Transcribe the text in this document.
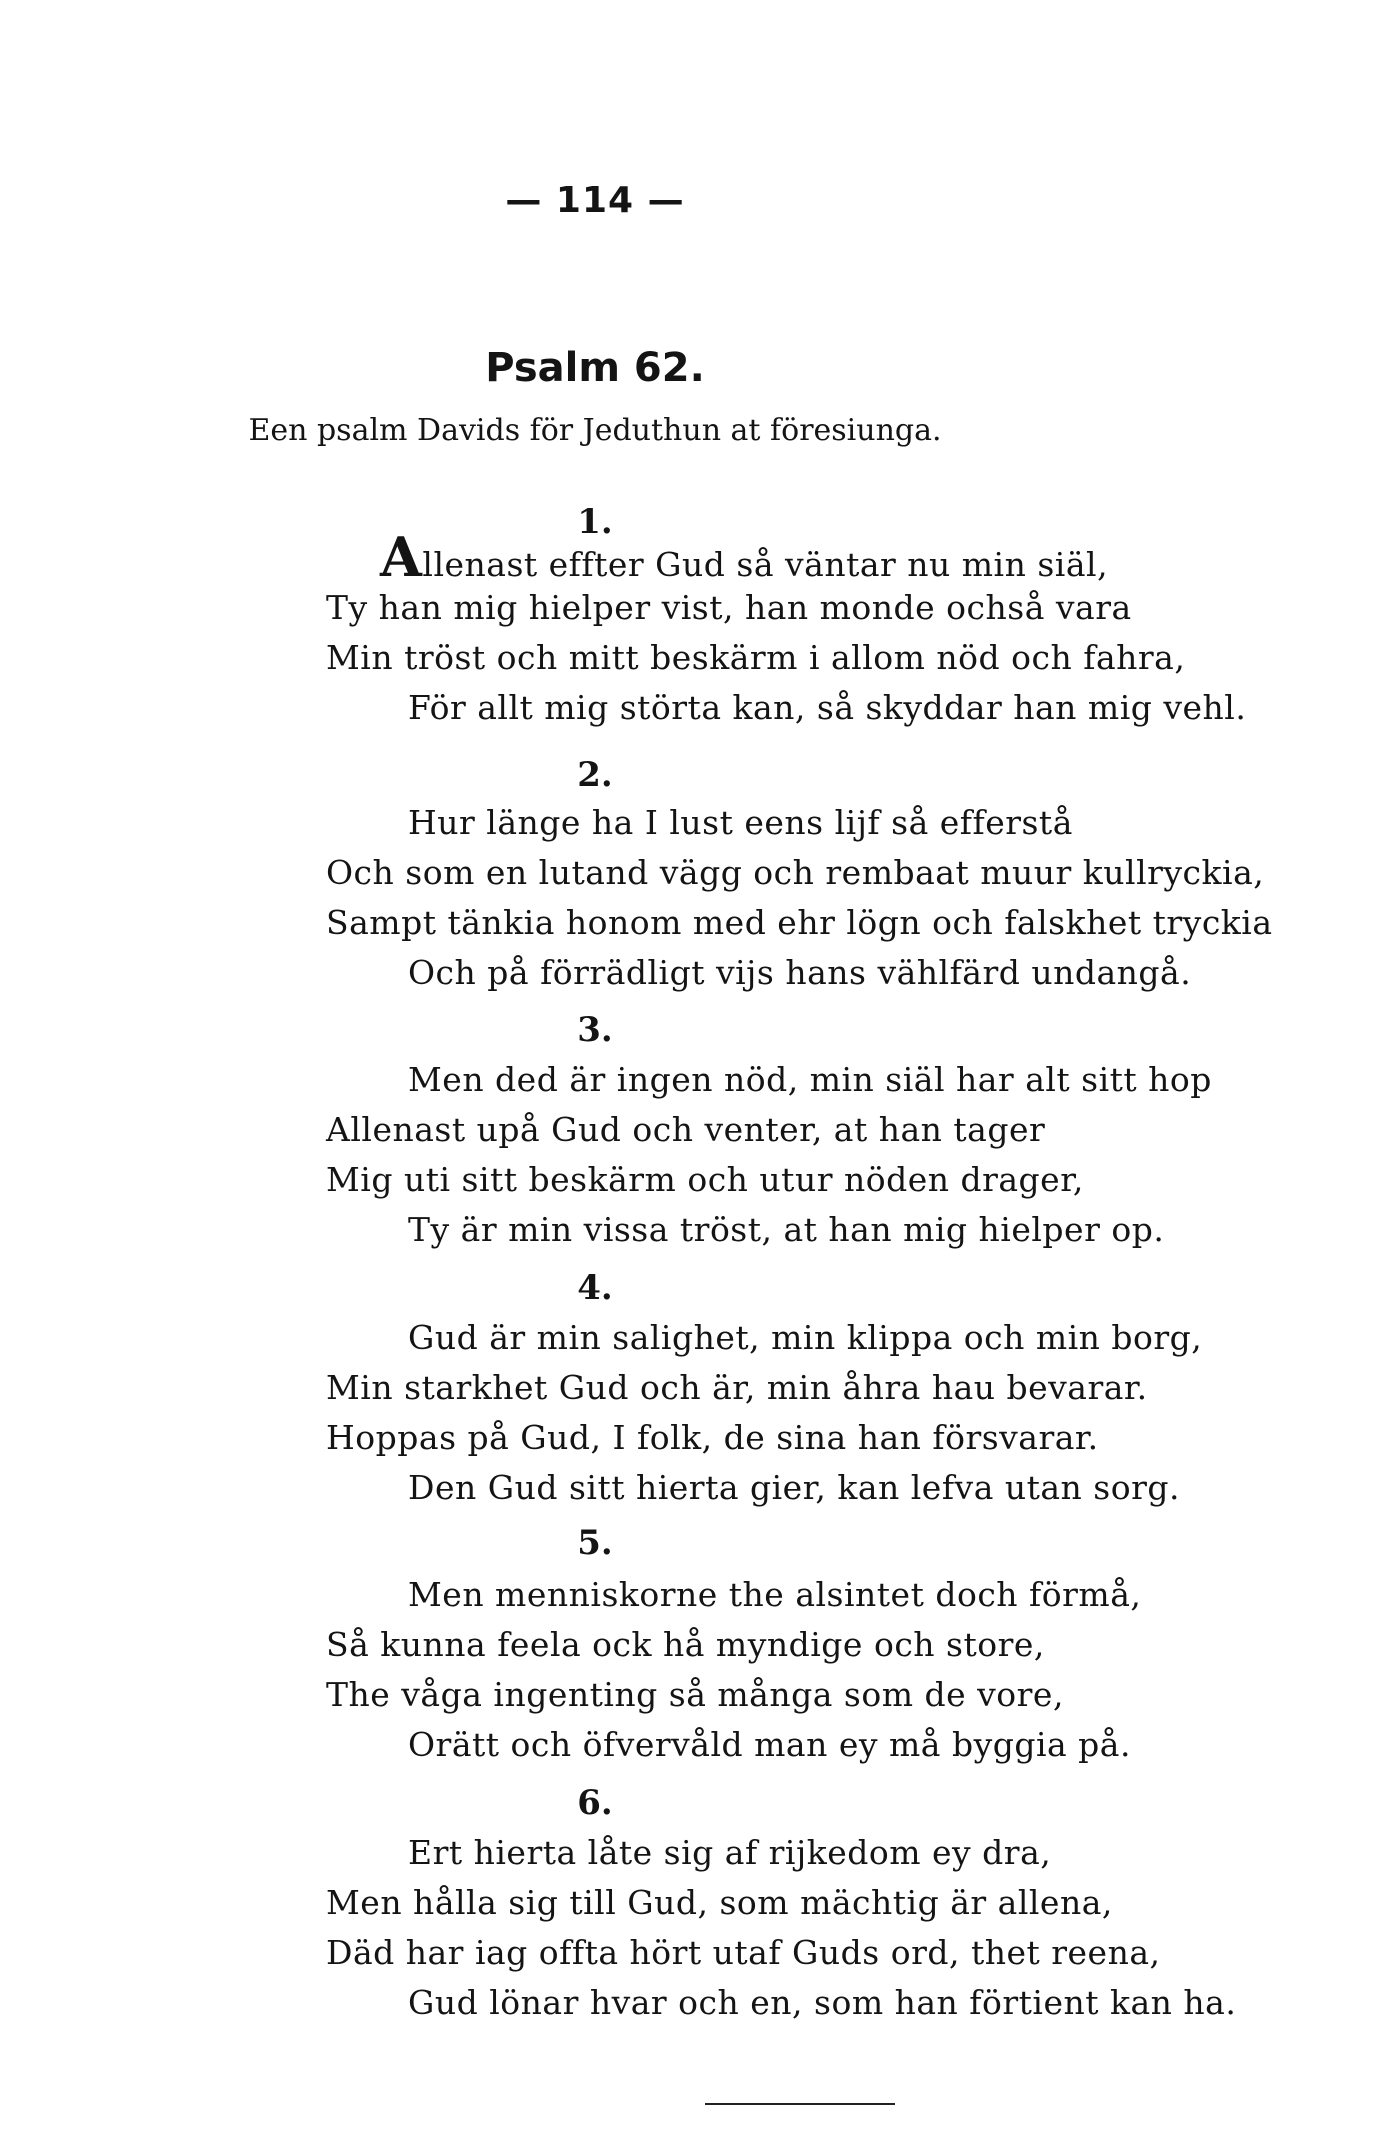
— 114 —
Psalm 62.
Een psalm Davids för Jeduthun at föresiunga.
1.
Allenast effter Gud så väntar nu min siäl,
Ty han mig hielper vist, han monde ochså vara
Min tröst och mitt beskärm i allom nöd och fahra,
För allt mig störta kan, så skyddar han mig vehl.
2.
Hur länge ha I lust eens lijf så efferstå
Och som en lutand vägg och rembaat muur kullryckia,
Sampt tänkia honom med ehr lögn och falskhet tryckia
Och på förrädligt vijs hans vählfärd undangå.
3.
Men ded är ingen nöd, min siäl har alt sitt hop
Allenast upå Gud och venter, at han tager
Mig uti sitt beskärm och utur nöden drager,
Ty är min vissa tröst, at han mig hielper op.
4.
Gud är min salighet, min klippa och min borg,
Min starkhet Gud och är, min åhra hau bevarar.
Hoppas på Gud, I folk, de sina han försvarar.
Den Gud sitt hierta gier, kan lefva utan sorg.
5.
Men menniskorne the alsintet doch förmå,
Så kunna feela ock hå myndige och store,
The våga ingenting så många som de vore,
Orätt och öfvervåld man ey må byggia på.
6.
Ert hierta låte sig af rijkedom ey dra,
Men hålla sig till Gud, som mächtig är allena,
Däd har iag offta hört utaf Guds ord, thet reena,
Gud lönar hvar och en, som han förtient kan ha.
